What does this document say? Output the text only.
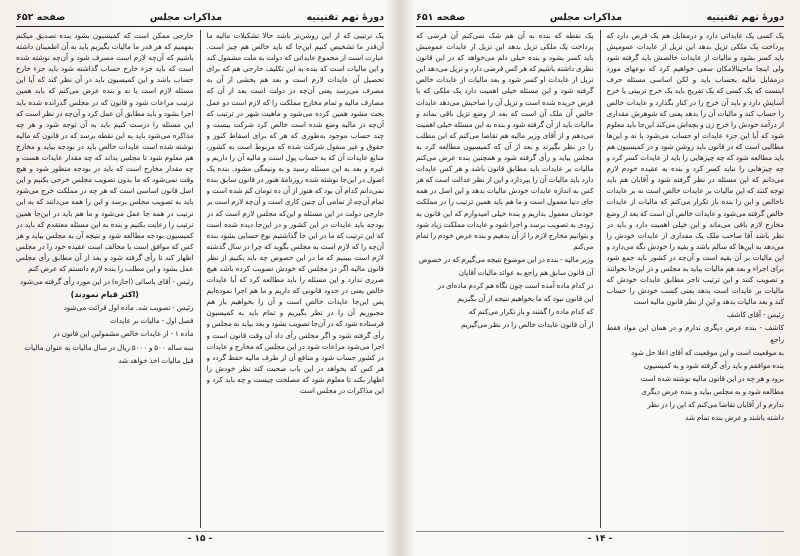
دورۀ نهم تقنینیه
مذاکرات مجلس
صفحه ۶۵۲

یک ترتیبی که از این روشن‌تر باشد حالا تشکیلات مالیه ما آن‌قدر ما تشخیص کنیم این‌جا که باید خالص هم چیز است. عبارت است از مجموع عایداتی که دولت به ملت مشمول کند و این مالیات است که بنده به این تکلیف خارجی هم که برای تحصیل آن عایدات لازم است و بعد هم بخشی از آن به مصرف می‌رسد یعنی آن‌چه در دولت است بعد از آن که مصارف مالیه و تمام مخارج مملکت را که لازم است دو عمل بحث مشود همین کرده می‌شود و ماهیت شهر در ترتیب که آن‌چه در مالیه وضع شده است خالص کرد شرکت بیست و چند حساب موجود به‌طوری که هر که برای اسقاط کنور و حقوق و غیر منقول شرکت شده که مربوط است به کشور، منابع عایدات آن که به حساب پول است و مالیه آن را داریم و غیره و بعد به این مسئله رسید و به ونیمگی مشود. بنده یک اصول در این‌جا نوشته شده روزنامۀ هنوز در قانون سابق بنده نمی‌دانم کدام آن بود که هنوز از آن ده تومان کم شده است و تمام آن‌چه از تمامی آن چنین کاری است و آن‌چه لازم است بر خارجی دولت در این مسئله و این‌که مجلس لازم است که در بودجه باید عایدات در این کشور و در این‌جا دیده شده است که این ترتیب که ما در این جا گذاشتیم نوع حسابی بشود بنده آن‌چه را که لازم است به مجلس بگوید که چرا در سال گذشته لازم است ببینیم که ما در این خصوص چه باید بکنیم از نظر قانون مالیه اگر در مجلس که خودش تصویب کرده باشد هیچ ضرری ندارد و این مسئله را باید مطالعه کرد که آیا عایدات خالص یعنی در حدود قانونی که داریم و ما هم اجرا نموده‌ایم پس این‌جا عایدات خالص است و آن را بخواهیم باز هم مجبوریم آن را در نظر بگیریم و تمام باید به کمیسیون فرستاده شود که در آن‌جا تصویب بشود و بعد بیاید به مجلس و رأی گرفته شود و اگر مجلس رأی داد آن وقت قانون است و اجرا می‌شود مراعات شود در این مجلس که مخارج و عایدات در کشور حساب شود و منافع آن از طرف مالیه حفظ گردد و هر کس که بخواهد در این باب صحبت کند نظر خودش را اظهار بکند تا معلوم شود که مصلحت چیست و چه باید کرد و این مذاکرات در مجلس است

خارجی ممکن است که کمیسیون بشود بنده تصدیق میکنم بفهمیم که هر قدر ما مالیات بگیریم باید به آن اطمینان داشته باشیم که آن‌چه لازم است مصرف شود و آن‌چه نوشته شده است که باید جزء خارج حساب گذاشته شود باید جزء خارج حساب باشد و این کمیسیون باید در آن نظر کند که آیا این مسئله لازم است یا نه و بنده عرض می‌کنم که باید همین ترتیب مراعات شود و قانون که در مجلس گذرانده شده باید اجرا بشود و باید مطابق آن عمل کرد و آن‌چه در نظر است که این مسئله را درست کنیم باید به آن توجه شود و هر چه مذاکره می‌شود باید به این نقطه برسد که در قانون که مالیه نوشته شده است عایدات خالص باید در بودجه بیاید و مخارج هم معلوم شود تا مجلس بداند که چه مقدار عایدات هست و چه مقدار مخارج است که باید در بودجه منظور شود و هیچ وقت نمی‌شود که ما بدون تصویب مجلس خرجی بکنیم و این اصل قانون اساسی است که هر چه در مملکت خرج می‌شود باید به تصویب مجلس برسد و این را همه می‌دانند که به این ترتیب در همه جا عمل می‌شود و ما هم باید در این‌جا همین ترتیب را رعایت بکنیم و بنده به این مسئله معتقدم که باید در کمیسیون بودجه مطالعه شود و نتیجه آن به مجلس بیاید و هر کس که موافق است یا مخالف است عقیده خود را در مجلس اظهار کند تا رأی گرفته شود و بعد از آن مطابق رأی مجلس عمل بشود و این مطلب را بنده لازم دانستم که عرض کنم

رئیس - آقای یاسائی (اجازه) در این مورد رأی گرفته می‌شود

(اکثر قیام نمودند)

رئیس - تصویب شد. ماده اول قرائت می‌شود

فصل اول - مالیات بر عایدات

ماده ۱ - از عایدات خالص مشمولین این قانون در

سه ساله ۵۰۰ و ۵۰۰۰ ریال در سال مالیات به عنوان مالیات

قبل مالیات اخذ خواهد شد

- ۱۵ -
دورۀ نهم تقنینیه
مذاکرات مجلس
صفحه ۶۵۱

یک کسی یک عایداتی دارد و درمقابل هم یک قرض دارد که پرداخت یک ملکی تزیل بدهد این تزیل از عایدات عمومیش باید کسر بشود و مالیات از عایدات خالصش باید گرفته شود ولی اینجا ماحیثالامکان سعی خواهیم کرد که نوعهای مورد درمقابل مالیه بحساب باید و لکن اساسی مسئله حرف اینست که یک کسی که یک تفریح باید یک خرج تربیتی یا خرج آسایش دارد و باید آن خرج را در کنار بگذارد و عایدات خالص را حساب کند و مالیات آن را بدهد یعنی که شوهرش مقداری از درآمد خودش را خرج زن و بچه‌اش می‌کند این‌جا باید معلوم شود که آیا این جزء عایدات او حساب می‌شود یا نه و این‌ها مطالبی است که در قانون باید روشن شود و در کمیسیون هم باید مطالعه شود که چه چیزهایی را باید از عایدات کسر کرد و چه چیزهایی را نباید کسر کرد و بنده به عقیده خودم لازم می‌دانم که این مسئله در نظر گرفته شود و آقایان هم باید توجه کنند که این مالیات بر عایدات خالص است نه بر عایدات ناخالص و این را بنده باز تکرار می‌کنم که مالیات از عایدات خالص گرفته می‌شود و عایدات خالص آن است که بعد از وضع مخارج لازم باقی می‌ماند و این خیلی اهمیت دارد و باید در نظر باشد آقا صاحب ملک یک مقداری از عایدات خودش را می‌دهد به این‌ها که سالم باشد و بقیه را خودش نگه می‌دارد و این مالیات بر آن بقیه است و آن‌چه در کشور باید جمع شود برای اجراء و بعد هم مالیات بیاید به مجلس و در این‌جا بخوانند و تصویب کنند و این ترتیب تاجر مطابق عایدات خودش که مالیات بر عایدات است بدهد یعنی کسب خودش را حساب کند و بعد مالیات بدهد و این از نظر قانون مالیه است

رئیس - آقای کاشف

کاشف - بنده عرض دیگری ندارم و در همان این مواد فقط راجع

به موقعیت است و این موقعیت که آقای اعلا حل شود

بنده موافقم و باید رأی گرفته شود و به کمیسیون

برود و هر چه در این قانون مالیه نوشته شده است

مطالعه شود و به مجلس بیاید و بنده عرض دیگری

ندارم و از آقایان تقاضا می‌کنم که این را در نظر

داشته باشند و عرض بنده تمام شد

یک نقطه که بنده به آن هم شک نمی‌کنم آن قرضی که پرداخت یک ملکی تزیل بدهد این تزیل از عایدات عمومیش باید کسر بشود و بنده خیلی دلم می‌خواهد که در این قانون نظری داشته باشیم که هر کس قرضی دارد و تزیل می‌دهد این تزیل از عایدات او کسر شود و بعد مالیات از عایدات خالص گرفته شود و این مسئله خیلی اهمیت دارد یک ملکی که با قرض خریده شده است و تزیل آن را صاحبش می‌دهد عایدات خالص آن ملک آن است که بعد از وضع تزیل باقی بماند و مالیات باید از آن گرفته شود و بنده به این مسئله خیلی اهمیت می‌دهم و از آقای وزیر مالیه هم تقاضا می‌کنم که این مطلب را در نظر بگیرند و بعد از آن که کمیسیون مطالعه کرد به مجلس بیاید و رأی گرفته شود و همچنین بنده عرض می‌کنم مالیات بر عایدات باید مطابق قانون باشد و هر کس عایدات دارد باید مالیات آن را بپردازد و این از نظر عدالت است که هر کس به اندازه عایدات خودش مالیات بدهد و این اصل در همه جای دنیا معمول است و ما هم باید همین ترتیب را در مملکت خودمان معمول بداریم و بنده خیلی امیدوارم که این قانون به زودی به تصویب برسد و اجرا شود و عایدات مملکت زیاد شود و بتوانیم مخارج لازم را از آن بدهیم و بنده عرض خودم را تمام می‌کنم

وزیر مالیه - بنده در این موضوع نتیجه می‌گیرم که در خصوص

آن قانون سابق هم راجع به عوائد مالیات آقایان

در کدام ماده آمده است چون نگاه هم کردم ماده‌ای در

این قانون نبود که ما بخواهیم نتیجه از آن بگیریم

که کدام ماده را گفتند و باز تکرار می‌کنم که

از آن قانون عایدات خالص را در نظر می‌گیریم

- ۱۴ -
